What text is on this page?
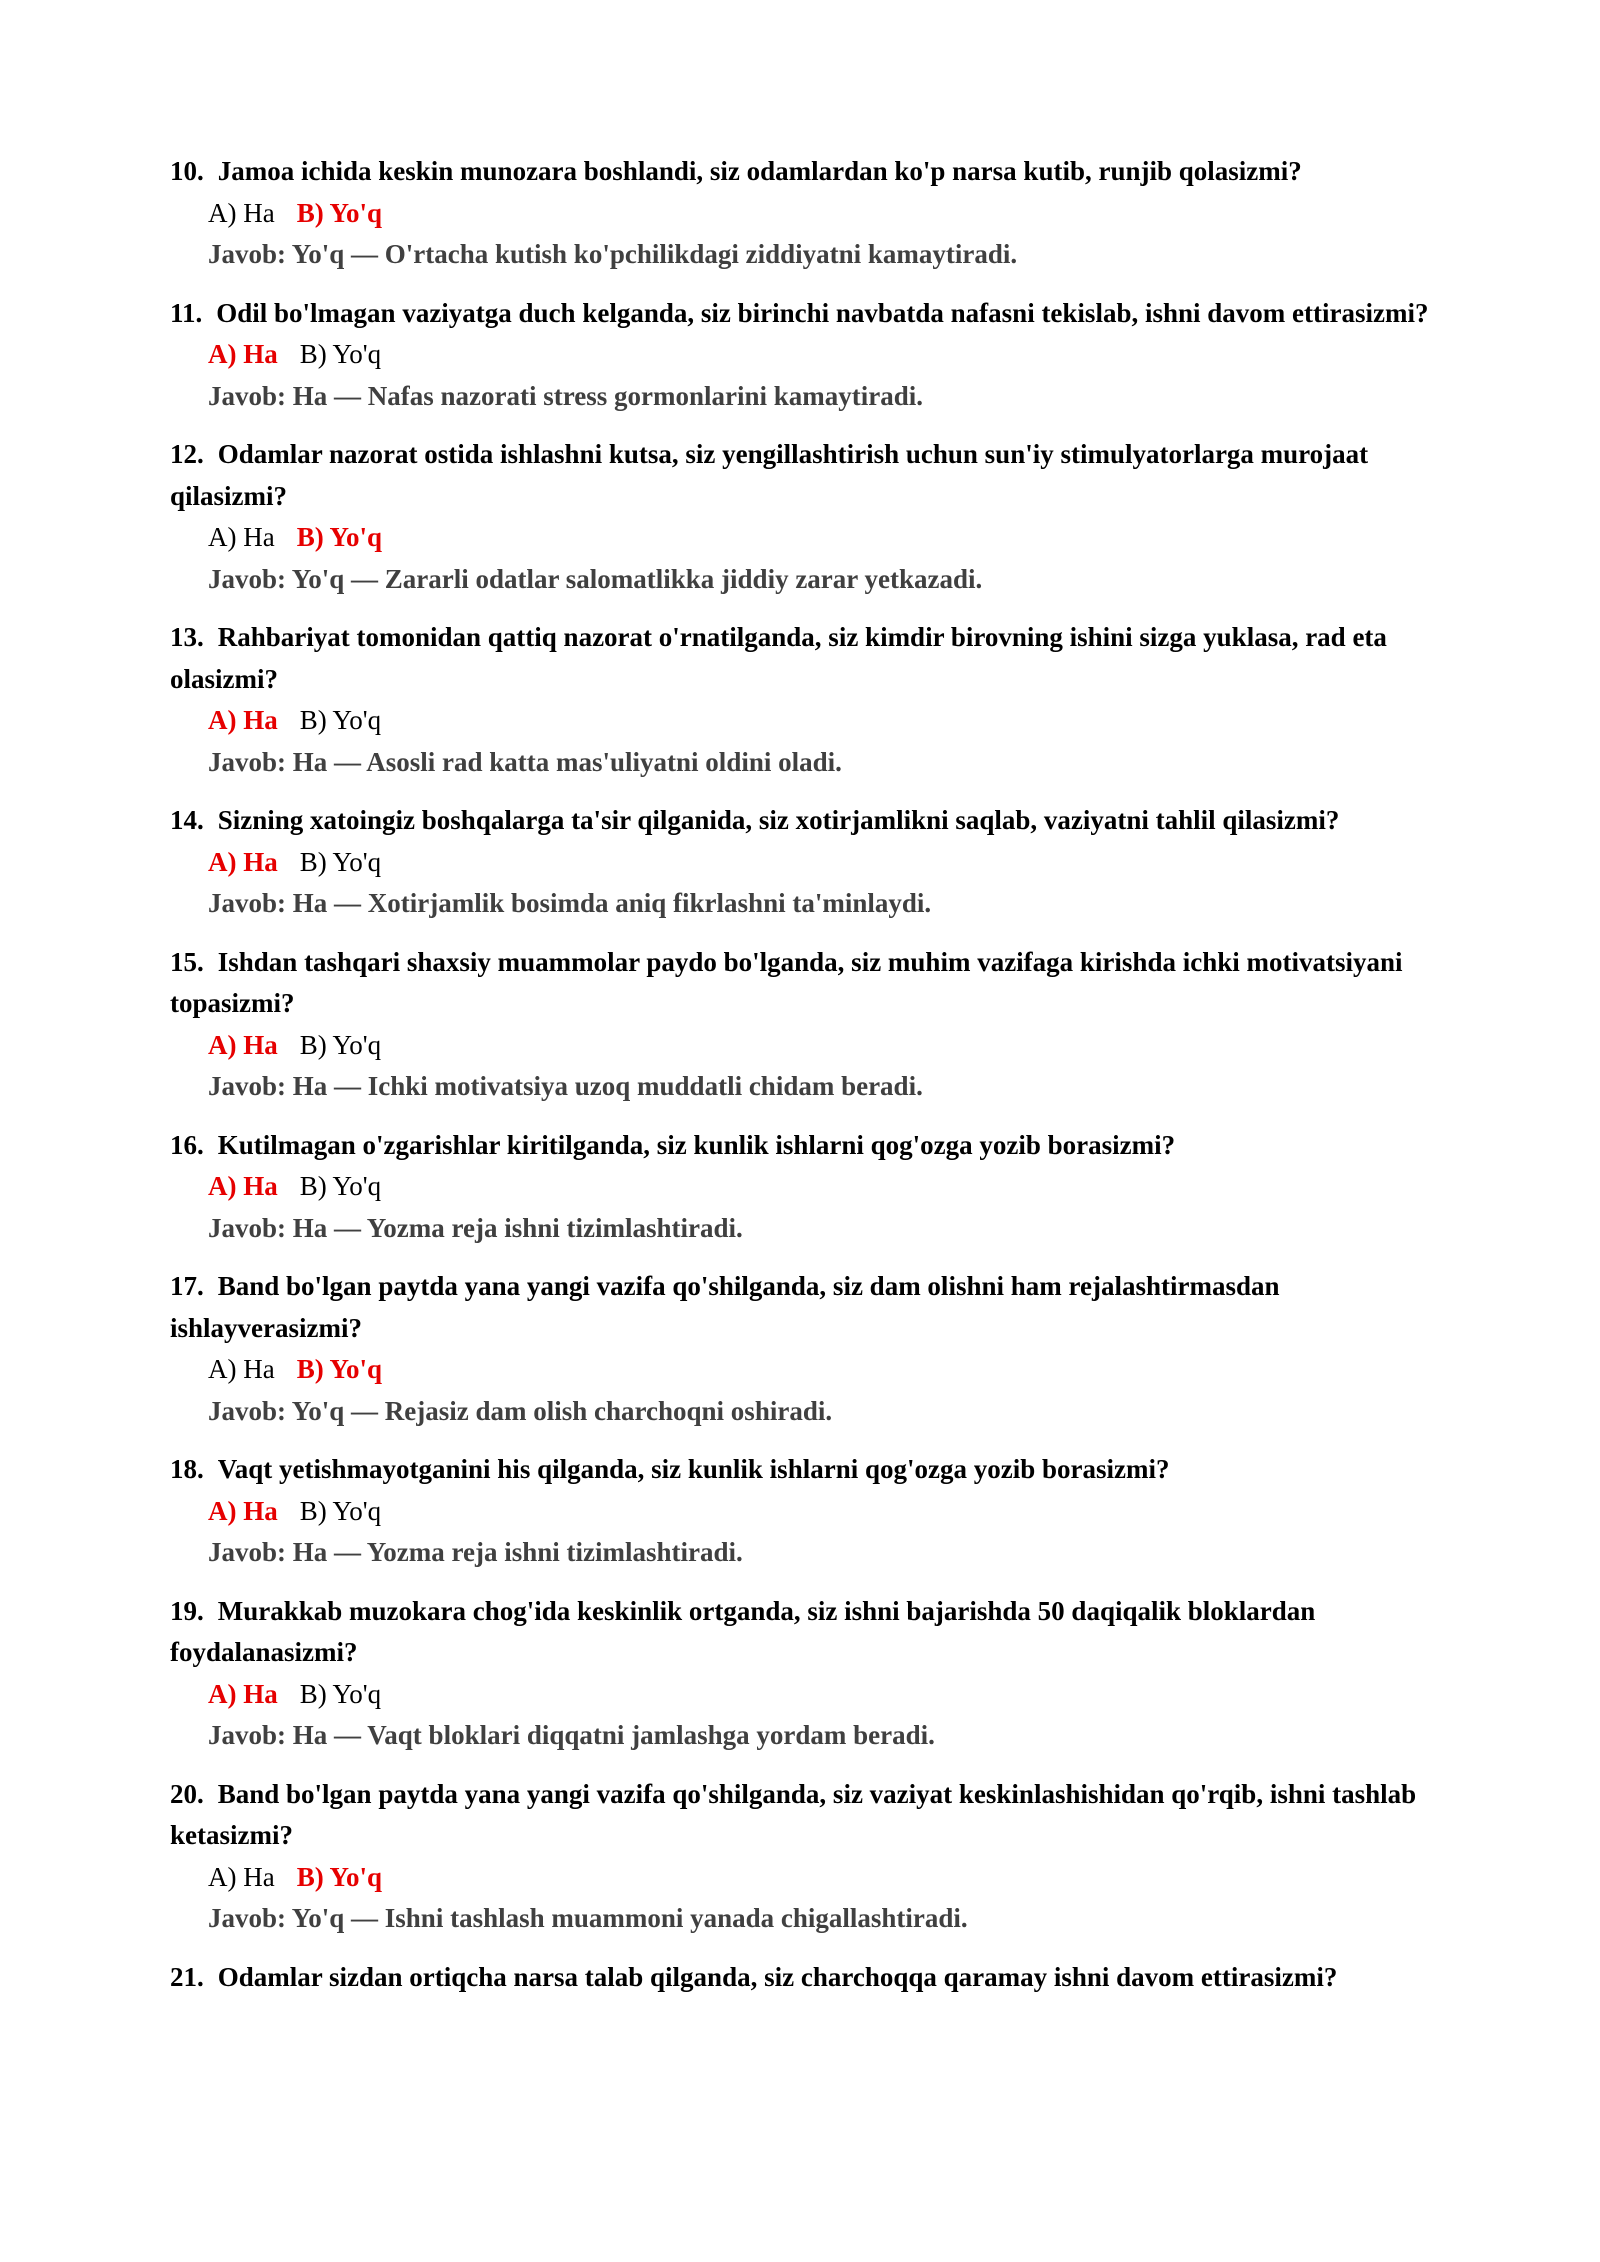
10. Jamoa ichida keskin munozara boshlandi, siz odamlardan ko'p narsa kutib, runjib qolasizmi?

A) Ha B) Yo'q

Javob: Yo'q — O'rtacha kutish ko'pchilikdagi ziddiyatni kamaytiradi.

11. Odil bo'lmagan vaziyatga duch kelganda, siz birinchi navbatda nafasni tekislab, ishni davom ettirasizmi?

A) Ha B) Yo'q

Javob: Ha — Nafas nazorati stress gormonlarini kamaytiradi.

12. Odamlar nazorat ostida ishlashni kutsa, siz yengillashtirish uchun sun'iy stimulyatorlarga murojaat qilasizmi?

A) Ha B) Yo'q

Javob: Yo'q — Zararli odatlar salomatlikka jiddiy zarar yetkazadi.

13. Rahbariyat tomonidan qattiq nazorat o'rnatilganda, siz kimdir birovning ishini sizga yuklasa, rad eta olasizmi?

A) Ha B) Yo'q

Javob: Ha — Asosli rad katta mas'uliyatni oldini oladi.

14. Sizning xatoingiz boshqalarga ta'sir qilganida, siz xotirjamlikni saqlab, vaziyatni tahlil qilasizmi?

A) Ha B) Yo'q

Javob: Ha — Xotirjamlik bosimda aniq fikrlashni ta'minlaydi.

15. Ishdan tashqari shaxsiy muammolar paydo bo'lganda, siz muhim vazifaga kirishda ichki motivatsiyani topasizmi?

A) Ha B) Yo'q

Javob: Ha — Ichki motivatsiya uzoq muddatli chidam beradi.

16. Kutilmagan o'zgarishlar kiritilganda, siz kunlik ishlarni qog'ozga yozib borasizmi?

A) Ha B) Yo'q

Javob: Ha — Yozma reja ishni tizimlashtiradi.

17. Band bo'lgan paytda yana yangi vazifa qo'shilganda, siz dam olishni ham rejalashtirmasdan ishlayverasizmi?

A) Ha B) Yo'q

Javob: Yo'q — Rejasiz dam olish charchoqni oshiradi.

18. Vaqt yetishmayotganini his qilganda, siz kunlik ishlarni qog'ozga yozib borasizmi?

A) Ha B) Yo'q

Javob: Ha — Yozma reja ishni tizimlashtiradi.

19. Murakkab muzokara chog'ida keskinlik ortganda, siz ishni bajarishda 50 daqiqalik bloklardan foydalanasizmi?

A) Ha B) Yo'q

Javob: Ha — Vaqt bloklari diqqatni jamlashga yordam beradi.

20. Band bo'lgan paytda yana yangi vazifa qo'shilganda, siz vaziyat keskinlashishidan qo'rqib, ishni tashlab ketasizmi?

A) Ha B) Yo'q

Javob: Yo'q — Ishni tashlash muammoni yanada chigallashtiradi.

21. Odamlar sizdan ortiqcha narsa talab qilganda, siz charchoqqa qaramay ishni davom ettirasizmi?
